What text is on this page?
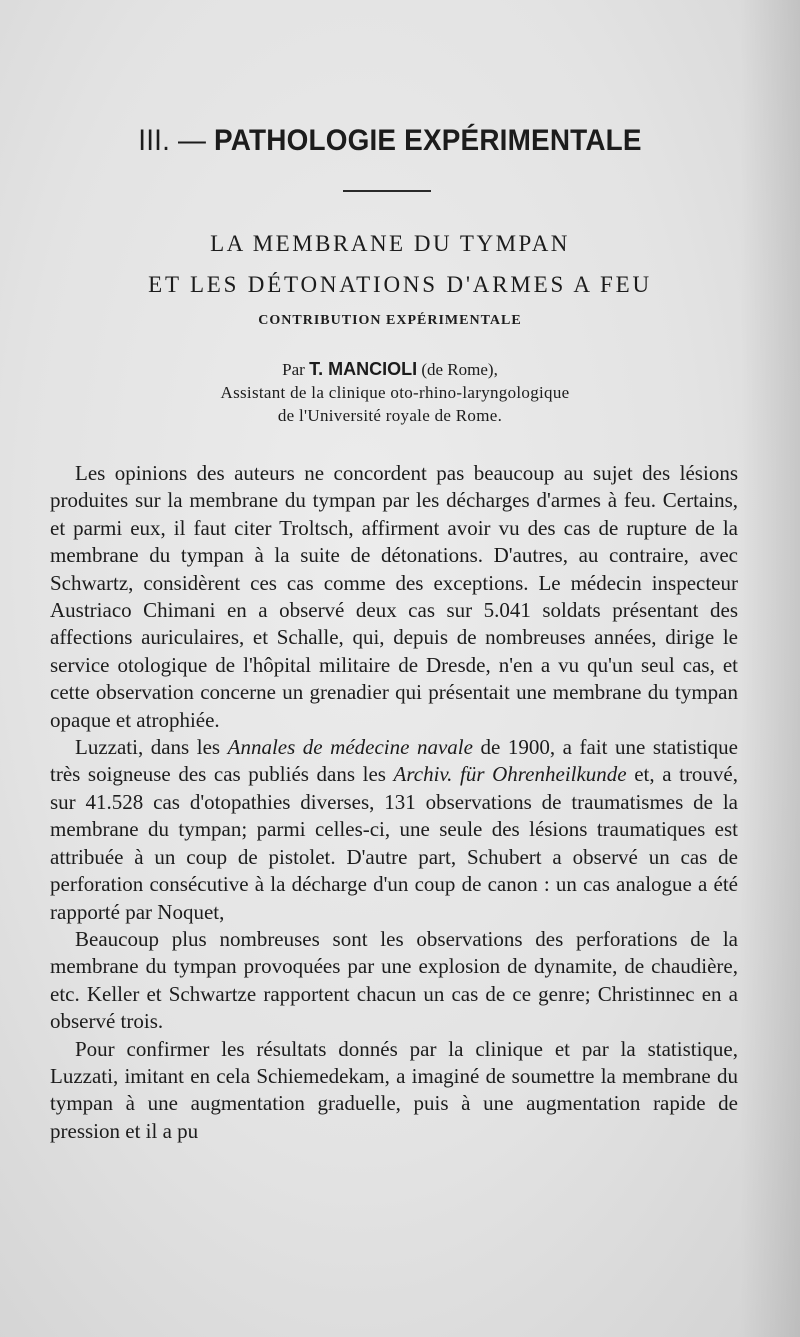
III. — PATHOLOGIE EXPÉRIMENTALE
LA MEMBRANE DU TYMPAN
ET LES DÉTONATIONS D'ARMES A FEU
CONTRIBUTION EXPÉRIMENTALE
Par T. MANCIOLI (de Rome),
Assistant de la clinique oto-rhino-laryngologique
de l'Université royale de Rome.

Les opinions des auteurs ne concordent pas beaucoup au sujet des lésions produites sur la membrane du tympan par les décharges d'armes à feu. Certains, et parmi eux, il faut citer Troltsch, affirment avoir vu des cas de rupture de la membrane du tympan à la suite de détonations. D'autres, au contraire, avec Schwartz, considèrent ces cas comme des exceptions. Le médecin inspecteur Austriaco Chimani en a observé deux cas sur 5.041 soldats présentant des affections auriculaires, et Schalle, qui, depuis de nombreuses années, dirige le service otologique de l'hôpital militaire de Dresde, n'en a vu qu'un seul cas, et cette observation concerne un grenadier qui présentait une membrane du tympan opaque et atrophiée.

Luzzati, dans les Annales de médecine navale de 1900, a fait une statistique très soigneuse des cas publiés dans les Archiv. für Ohrenheilkunde et, a trouvé, sur 41.528 cas d'otopathies diverses, 131 observations de traumatismes de la membrane du tympan; parmi celles-ci, une seule des lésions traumatiques est attribuée à un coup de pistolet. D'autre part, Schubert a observé un cas de perforation consécutive à la décharge d'un coup de canon : un cas analogue a été rapporté par Noquet,

Beaucoup plus nombreuses sont les observations des perforations de la membrane du tympan provoquées par une explosion de dynamite, de chaudière, etc. Keller et Schwartze rapportent chacun un cas de ce genre; Christinnec en a observé trois.

Pour confirmer les résultats donnés par la clinique et par la statistique, Luzzati, imitant en cela Schiemedekam, a imaginé de soumettre la membrane du tympan à une augmentation graduelle, puis à une augmentation rapide de pression et il a pu
